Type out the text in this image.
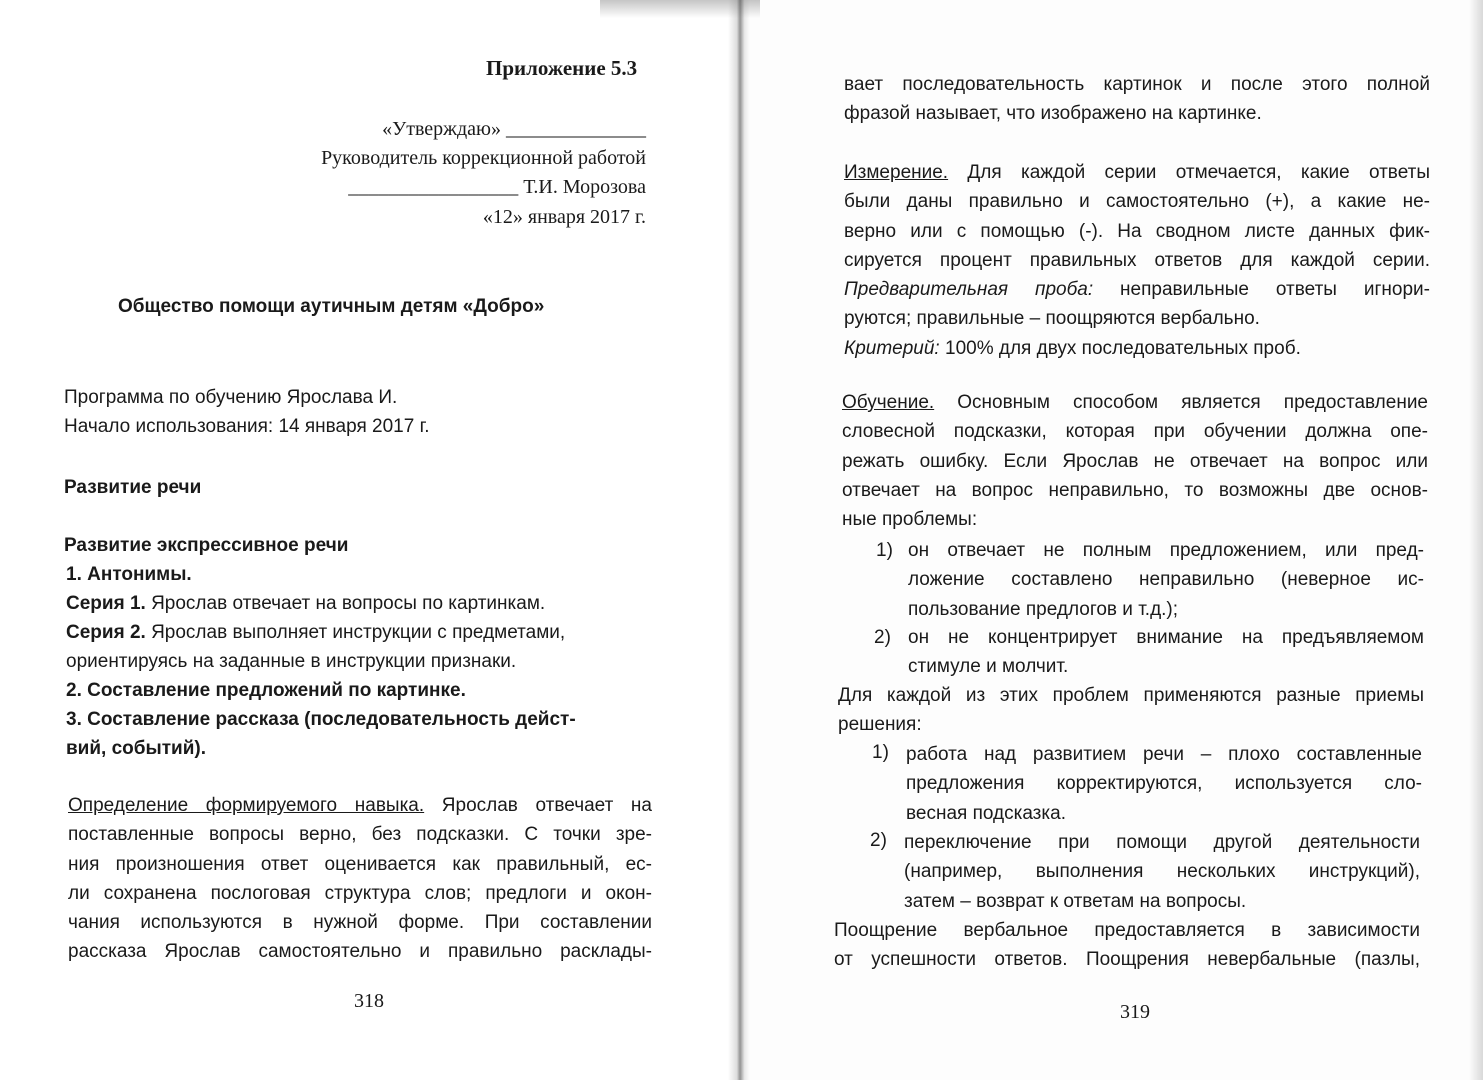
Приложение 5.3
«Утверждаю» ______________
Руководитель коррекционной работой
_________________ Т.И. Морозова
«12» января 2017 г.
Общество помощи аутичным детям «Добро»
Программа по обучению Ярослава И.
Начало использования: 14 января 2017 г.
Развитие речи
Развитие экспрессивное речи
1. Антонимы.
Серия 1. Ярослав отвечает на вопросы по картинкам.
Серия 2. Ярослав выполняет инструкции с предметами,
ориентируясь на заданные в инструкции признаки.
2. Составление предложений по картинке.
3. Составление рассказа (последовательность дейст-
вий, событий).
Определение формируемого навыка. Ярослав отвечает на
поставленные вопросы верно, без подсказки. С точки зре-
ния произношения ответ оценивается как правильный, ес-
ли сохранена послоговая структура слов; предлоги и окон-
чания используются в нужной форме. При составлении
рассказа Ярослав самостоятельно и правильно расклады-
318
вает последовательность картинок и после этого полной
фразой называет, что изображено на картинке.
Измерение. Для каждой серии отмечается, какие ответы
были даны правильно и самостоятельно (+), а какие не-
верно или с помощью (-). На сводном листе данных фик-
сируется процент правильных ответов для каждой серии.
Предварительная проба: неправильные ответы игнори-
руются; правильные – поощряются вербально.
Критерий: 100% для двух последовательных проб.
Обучение. Основным способом является предоставление
словесной подсказки, которая при обучении должна опе-
режать ошибку. Если Ярослав не отвечает на вопрос или
отвечает на вопрос неправильно, то возможны две основ-
ные проблемы:
1) он отвечает не полным предложением, или пред-
ложение составлено неправильно (неверное ис-
пользование предлогов и т.д.);
2) он не концентрирует внимание на предъявляемом
стимуле и молчит.
Для каждой из этих проблем применяются разные приемы
решения:
1) работа над развитием речи – плохо составленные
предложения корректируются, используется сло-
весная подсказка.
2) переключение при помощи другой деятельности
(например, выполнения нескольких инструкций),
затем – возврат к ответам на вопросы.
Поощрение вербальное предоставляется в зависимости
от успешности ответов. Поощрения невербальные (пазлы,
319
